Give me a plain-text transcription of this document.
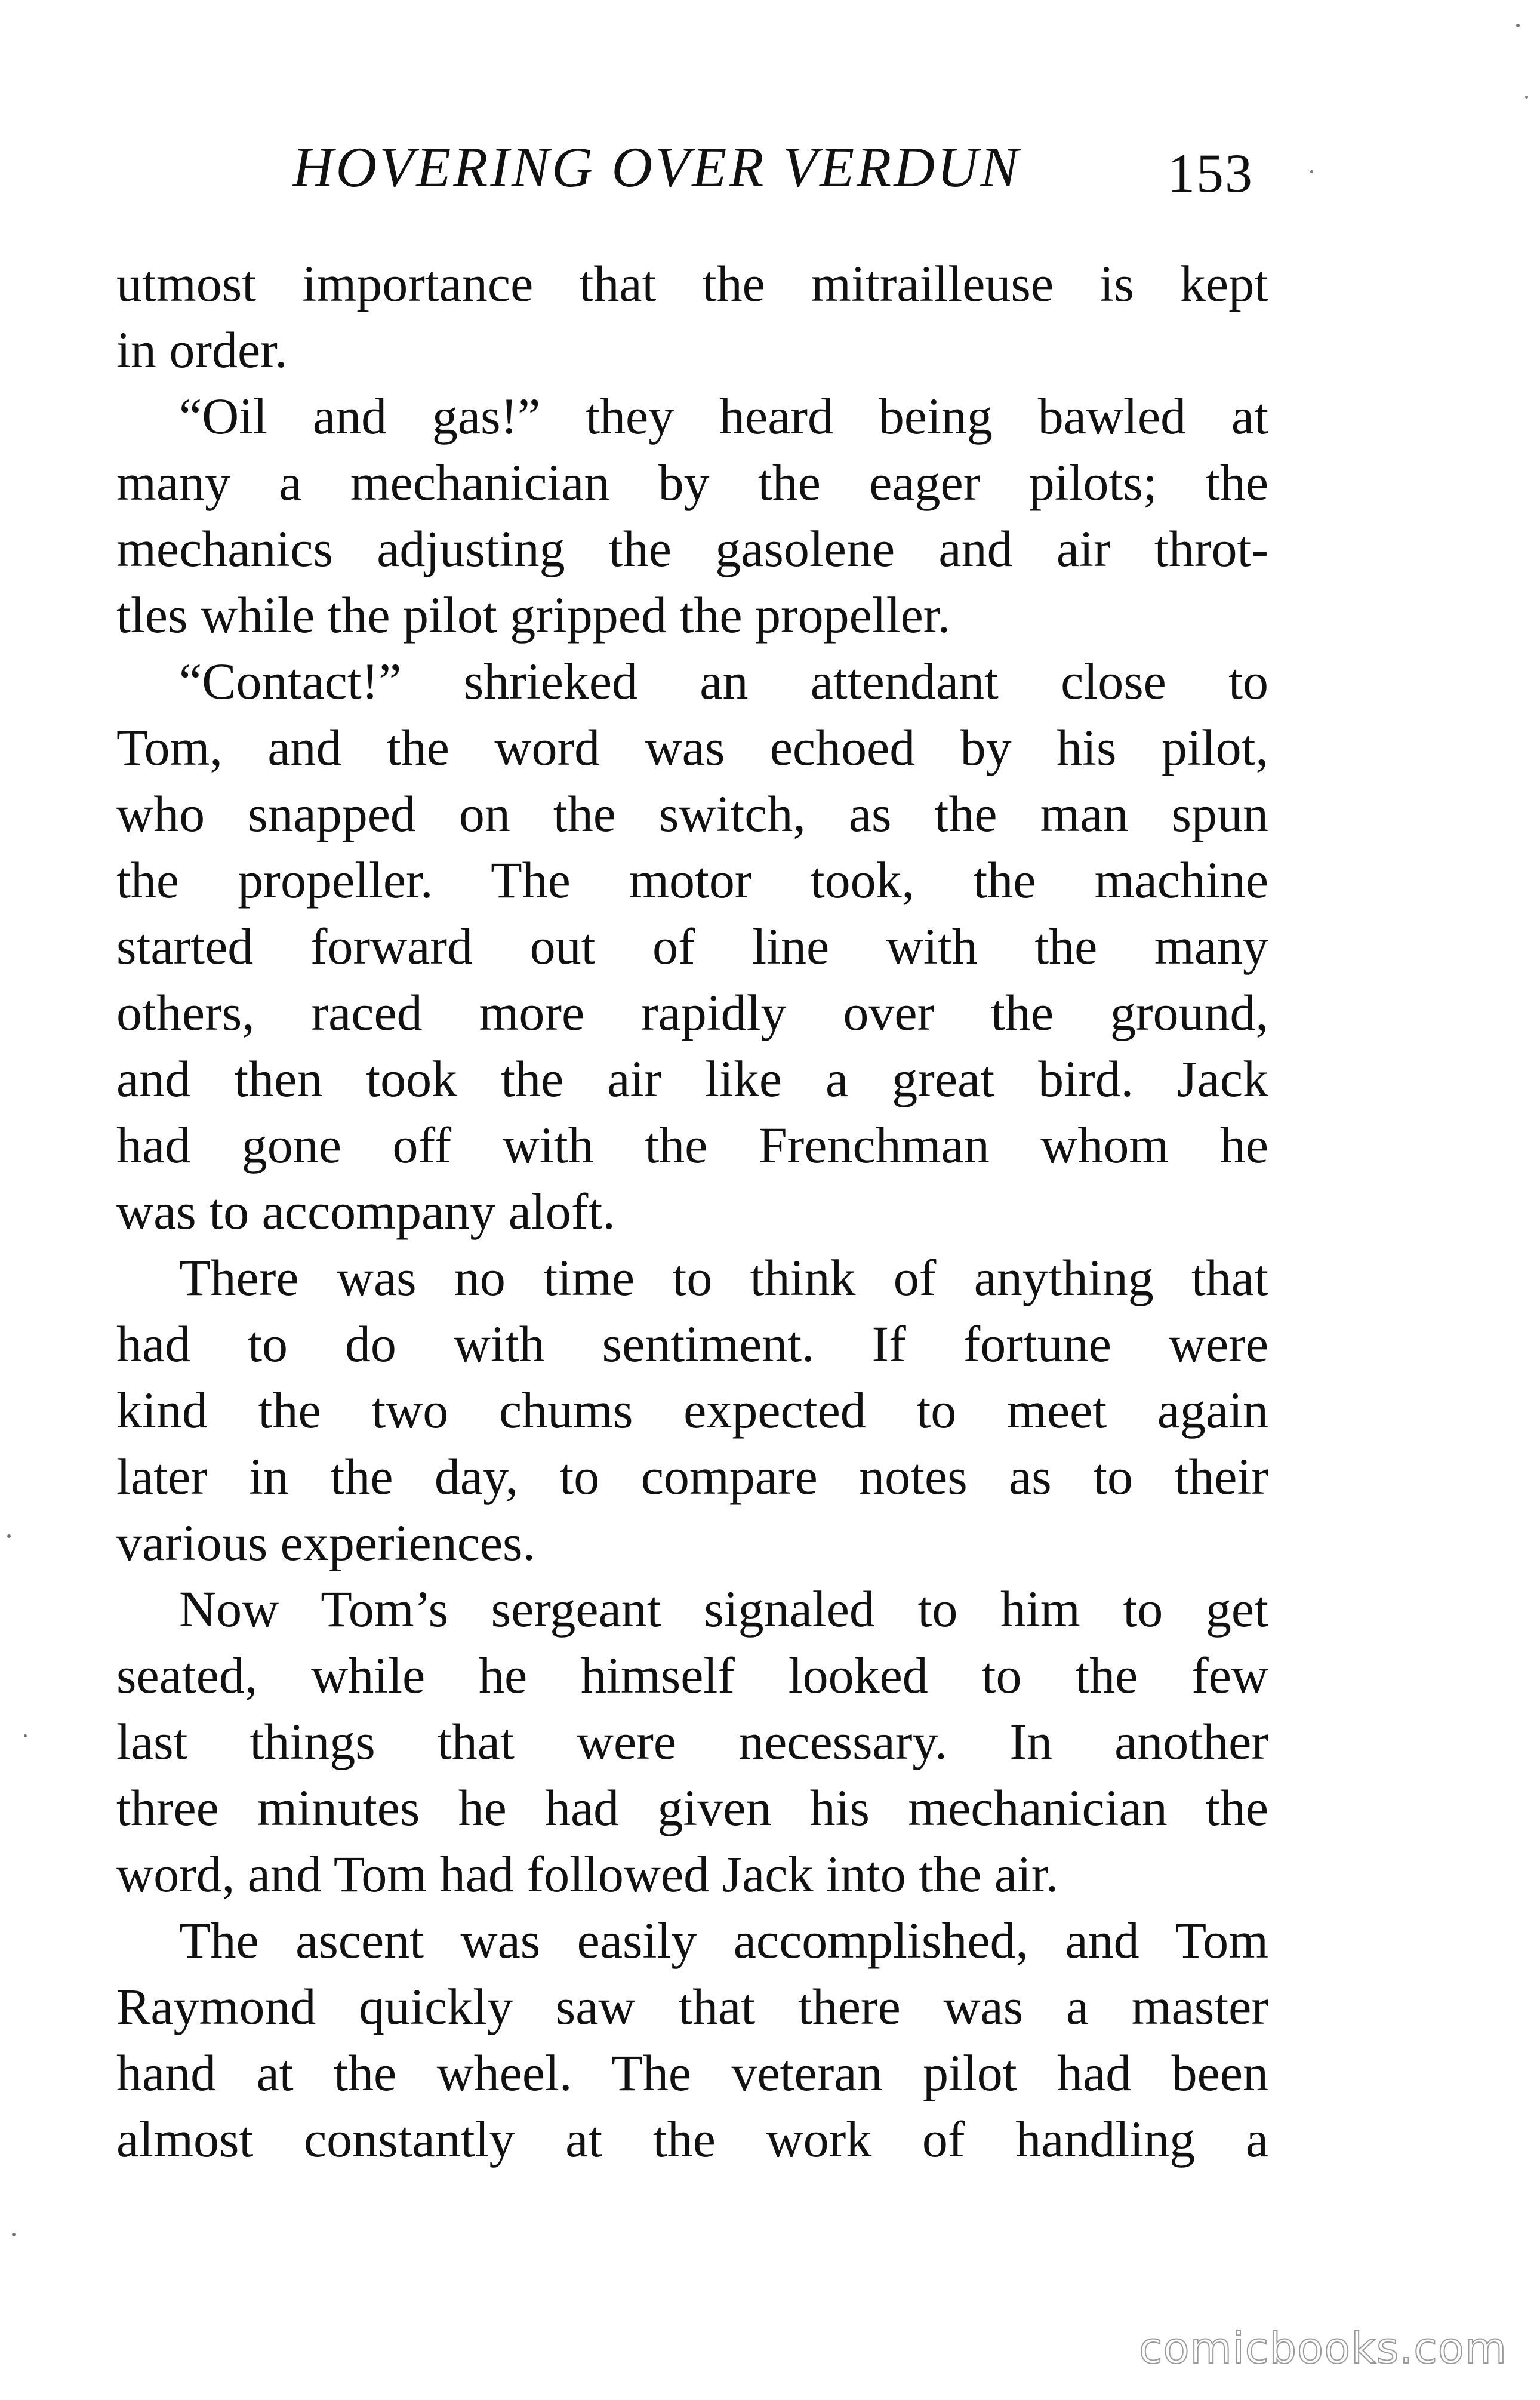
HOVERING OVER VERDUN	153
utmost importance that the mitrailleuse is kept
in order.
“Oil and gas!” they heard being bawled at
many a mechanician by the eager pilots; the
mechanics adjusting the gasolene and air throt-
tles while the pilot gripped the propeller.
“Contact!” shrieked an attendant close to
Tom, and the word was echoed by his pilot,
who snapped on the switch, as the man spun
the propeller. The motor took, the machine
started forward out of line with the many
others, raced more rapidly over the ground,
and then took the air like a great bird. Jack
had gone off with the Frenchman whom he
was to accompany aloft.
There was no time to think of anything that
had to do with sentiment. If fortune were
kind the two chums expected to meet again
later in the day, to compare notes as to their
various experiences.
Now Tom’s sergeant signaled to him to get
seated, while he himself looked to the few
last things that were necessary. In another
three minutes he had given his mechanician the
word, and Tom had followed Jack into the air.
The ascent was easily accomplished, and Tom
Raymond quickly saw that there was a master
hand at the wheel. The veteran pilot had been
almost constantly at the work of handling a
comicbooks.com
